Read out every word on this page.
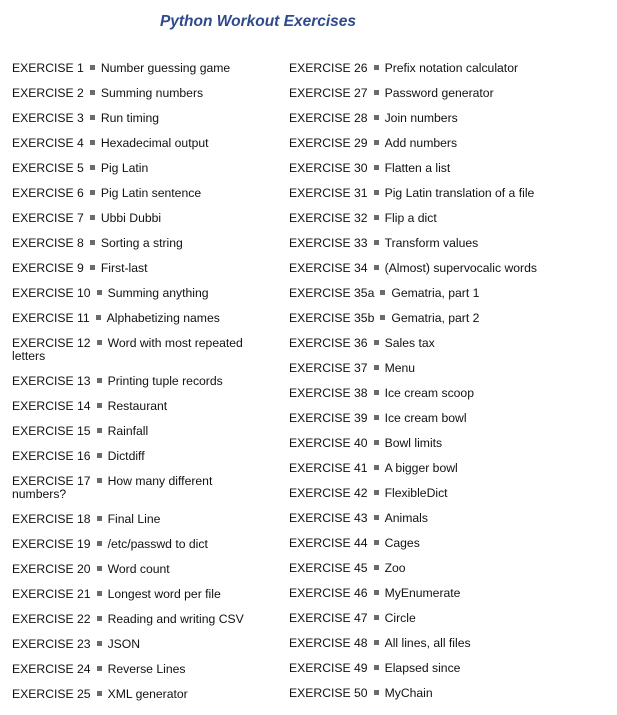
Python Workout Exercises
EXERCISE 1 Number guessing game
EXERCISE 2 Summing numbers
EXERCISE 3 Run timing
EXERCISE 4 Hexadecimal output
EXERCISE 5 Pig Latin
EXERCISE 6 Pig Latin sentence
EXERCISE 7 Ubbi Dubbi
EXERCISE 8 Sorting a string
EXERCISE 9 First-last
EXERCISE 10 Summing anything
EXERCISE 11 Alphabetizing names
EXERCISE 12 Word with most repeated letters
EXERCISE 13 Printing tuple records
EXERCISE 14 Restaurant
EXERCISE 15 Rainfall
EXERCISE 16 Dictdiff
EXERCISE 17 How many different numbers?
EXERCISE 18 Final Line
EXERCISE 19 /etc/passwd to dict
EXERCISE 20 Word count
EXERCISE 21 Longest word per file
EXERCISE 22 Reading and writing CSV
EXERCISE 23 JSON
EXERCISE 24 Reverse Lines
EXERCISE 25 XML generator
EXERCISE 26 Prefix notation calculator
EXERCISE 27 Password generator
EXERCISE 28 Join numbers
EXERCISE 29 Add numbers
EXERCISE 30 Flatten a list
EXERCISE 31 Pig Latin translation of a file
EXERCISE 32 Flip a dict
EXERCISE 33 Transform values
EXERCISE 34 (Almost) supervocalic words
EXERCISE 35a Gematria, part 1
EXERCISE 35b Gematria, part 2
EXERCISE 36 Sales tax
EXERCISE 37 Menu
EXERCISE 38 Ice cream scoop
EXERCISE 39 Ice cream bowl
EXERCISE 40 Bowl limits
EXERCISE 41 A bigger bowl
EXERCISE 42 FlexibleDict
EXERCISE 43 Animals
EXERCISE 44 Cages
EXERCISE 45 Zoo
EXERCISE 46 MyEnumerate
EXERCISE 47 Circle
EXERCISE 48 All lines, all files
EXERCISE 49 Elapsed since
EXERCISE 50 MyChain
